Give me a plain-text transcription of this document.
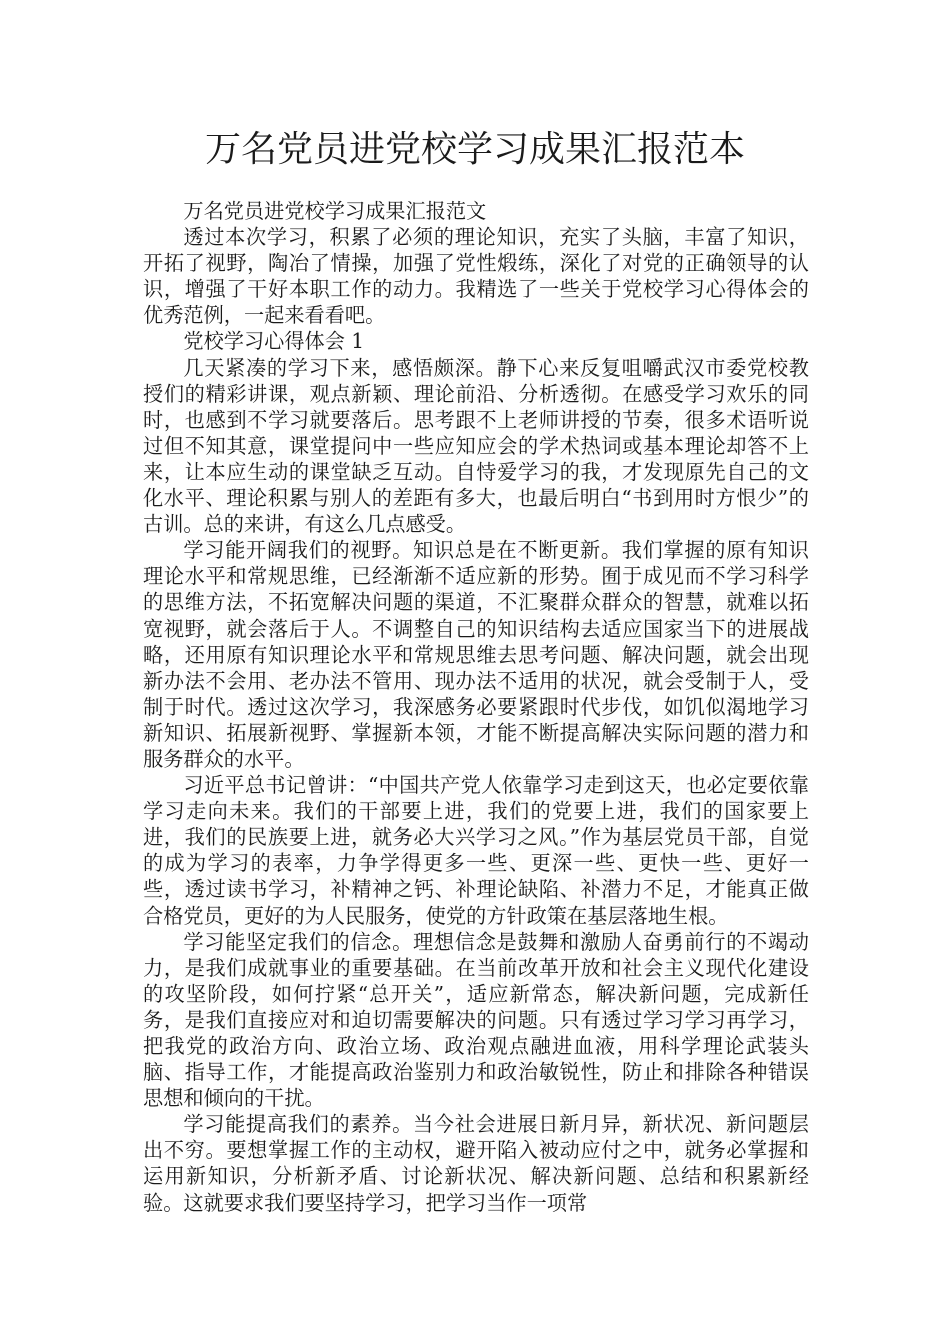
万名党员进党校学习成果汇报范本

万名党员进党校学习成果汇报范文

透过本次学习，积累了必须的理论知识，充实了头脑，丰富了知识，开拓了视野，陶冶了情操，加强了党性煅练，深化了对党的正确领导的认识，增强了干好本职工作的动力。我精选了一些关于党校学习心得体会的优秀范例，一起来看看吧。

党校学习心得体会 1

几天紧凑的学习下来，感悟颇深。静下心来反复咀嚼武汉市委党校教授们的精彩讲课，观点新颖、理论前沿、分析透彻。在感受学习欢乐的同时，也感到不学习就要落后。思考跟不上老师讲授的节奏，很多术语听说过但不知其意，课堂提问中一些应知应会的学术热词或基本理论却答不上来，让本应生动的课堂缺乏互动。自恃爱学习的我，才发现原先自己的文化水平、理论积累与别人的差距有多大，也最后明白“书到用时方恨少”的古训。总的来讲，有这么几点感受。

学习能开阔我们的视野。知识总是在不断更新。我们掌握的原有知识理论水平和常规思维，已经渐渐不适应新的形势。囿于成见而不学习科学的思维方法，不拓宽解决问题的渠道，不汇聚群众群众的智慧，就难以拓宽视野，就会落后于人。不调整自己的知识结构去适应国家当下的进展战略，还用原有知识理论水平和常规思维去思考问题、解决问题，就会出现新办法不会用、老办法不管用、现办法不适用的状况，就会受制于人，受制于时代。透过这次学习，我深感务必要紧跟时代步伐，如饥似渴地学习新知识、拓展新视野、掌握新本领，才能不断提高解决实际问题的潜力和服务群众的水平。

习近平总书记曾讲：“中国共产党人依靠学习走到这天，也必定要依靠学习走向未来。我们的干部要上进，我们的党要上进，我们的国家要上进，我们的民族要上进，就务必大兴学习之风。”作为基层党员干部，自觉的成为学习的表率，力争学得更多一些、更深一些、更快一些、更好一些，透过读书学习，补精神之钙、补理论缺陷、补潜力不足，才能真正做合格党员，更好的为人民服务，使党的方针政策在基层落地生根。

学习能坚定我们的信念。理想信念是鼓舞和激励人奋勇前行的不竭动力，是我们成就事业的重要基础。在当前改革开放和社会主义现代化建设的攻坚阶段，如何拧紧“总开关”，适应新常态，解决新问题，完成新任务，是我们直接应对和迫切需要解决的问题。只有透过学习学习再学习，把我党的政治方向、政治立场、政治观点融进血液，用科学理论武装头脑、指导工作，才能提高政治鉴别力和政治敏锐性，防止和排除各种错误思想和倾向的干扰。

学习能提高我们的素养。当今社会进展日新月异，新状况、新问题层出不穷。要想掌握工作的主动权，避开陷入被动应付之中，就务必掌握和运用新知识，分析新矛盾、讨论新状况、解决新问题、总结和积累新经验。这就要求我们要坚持学习，把学习当作一项常
